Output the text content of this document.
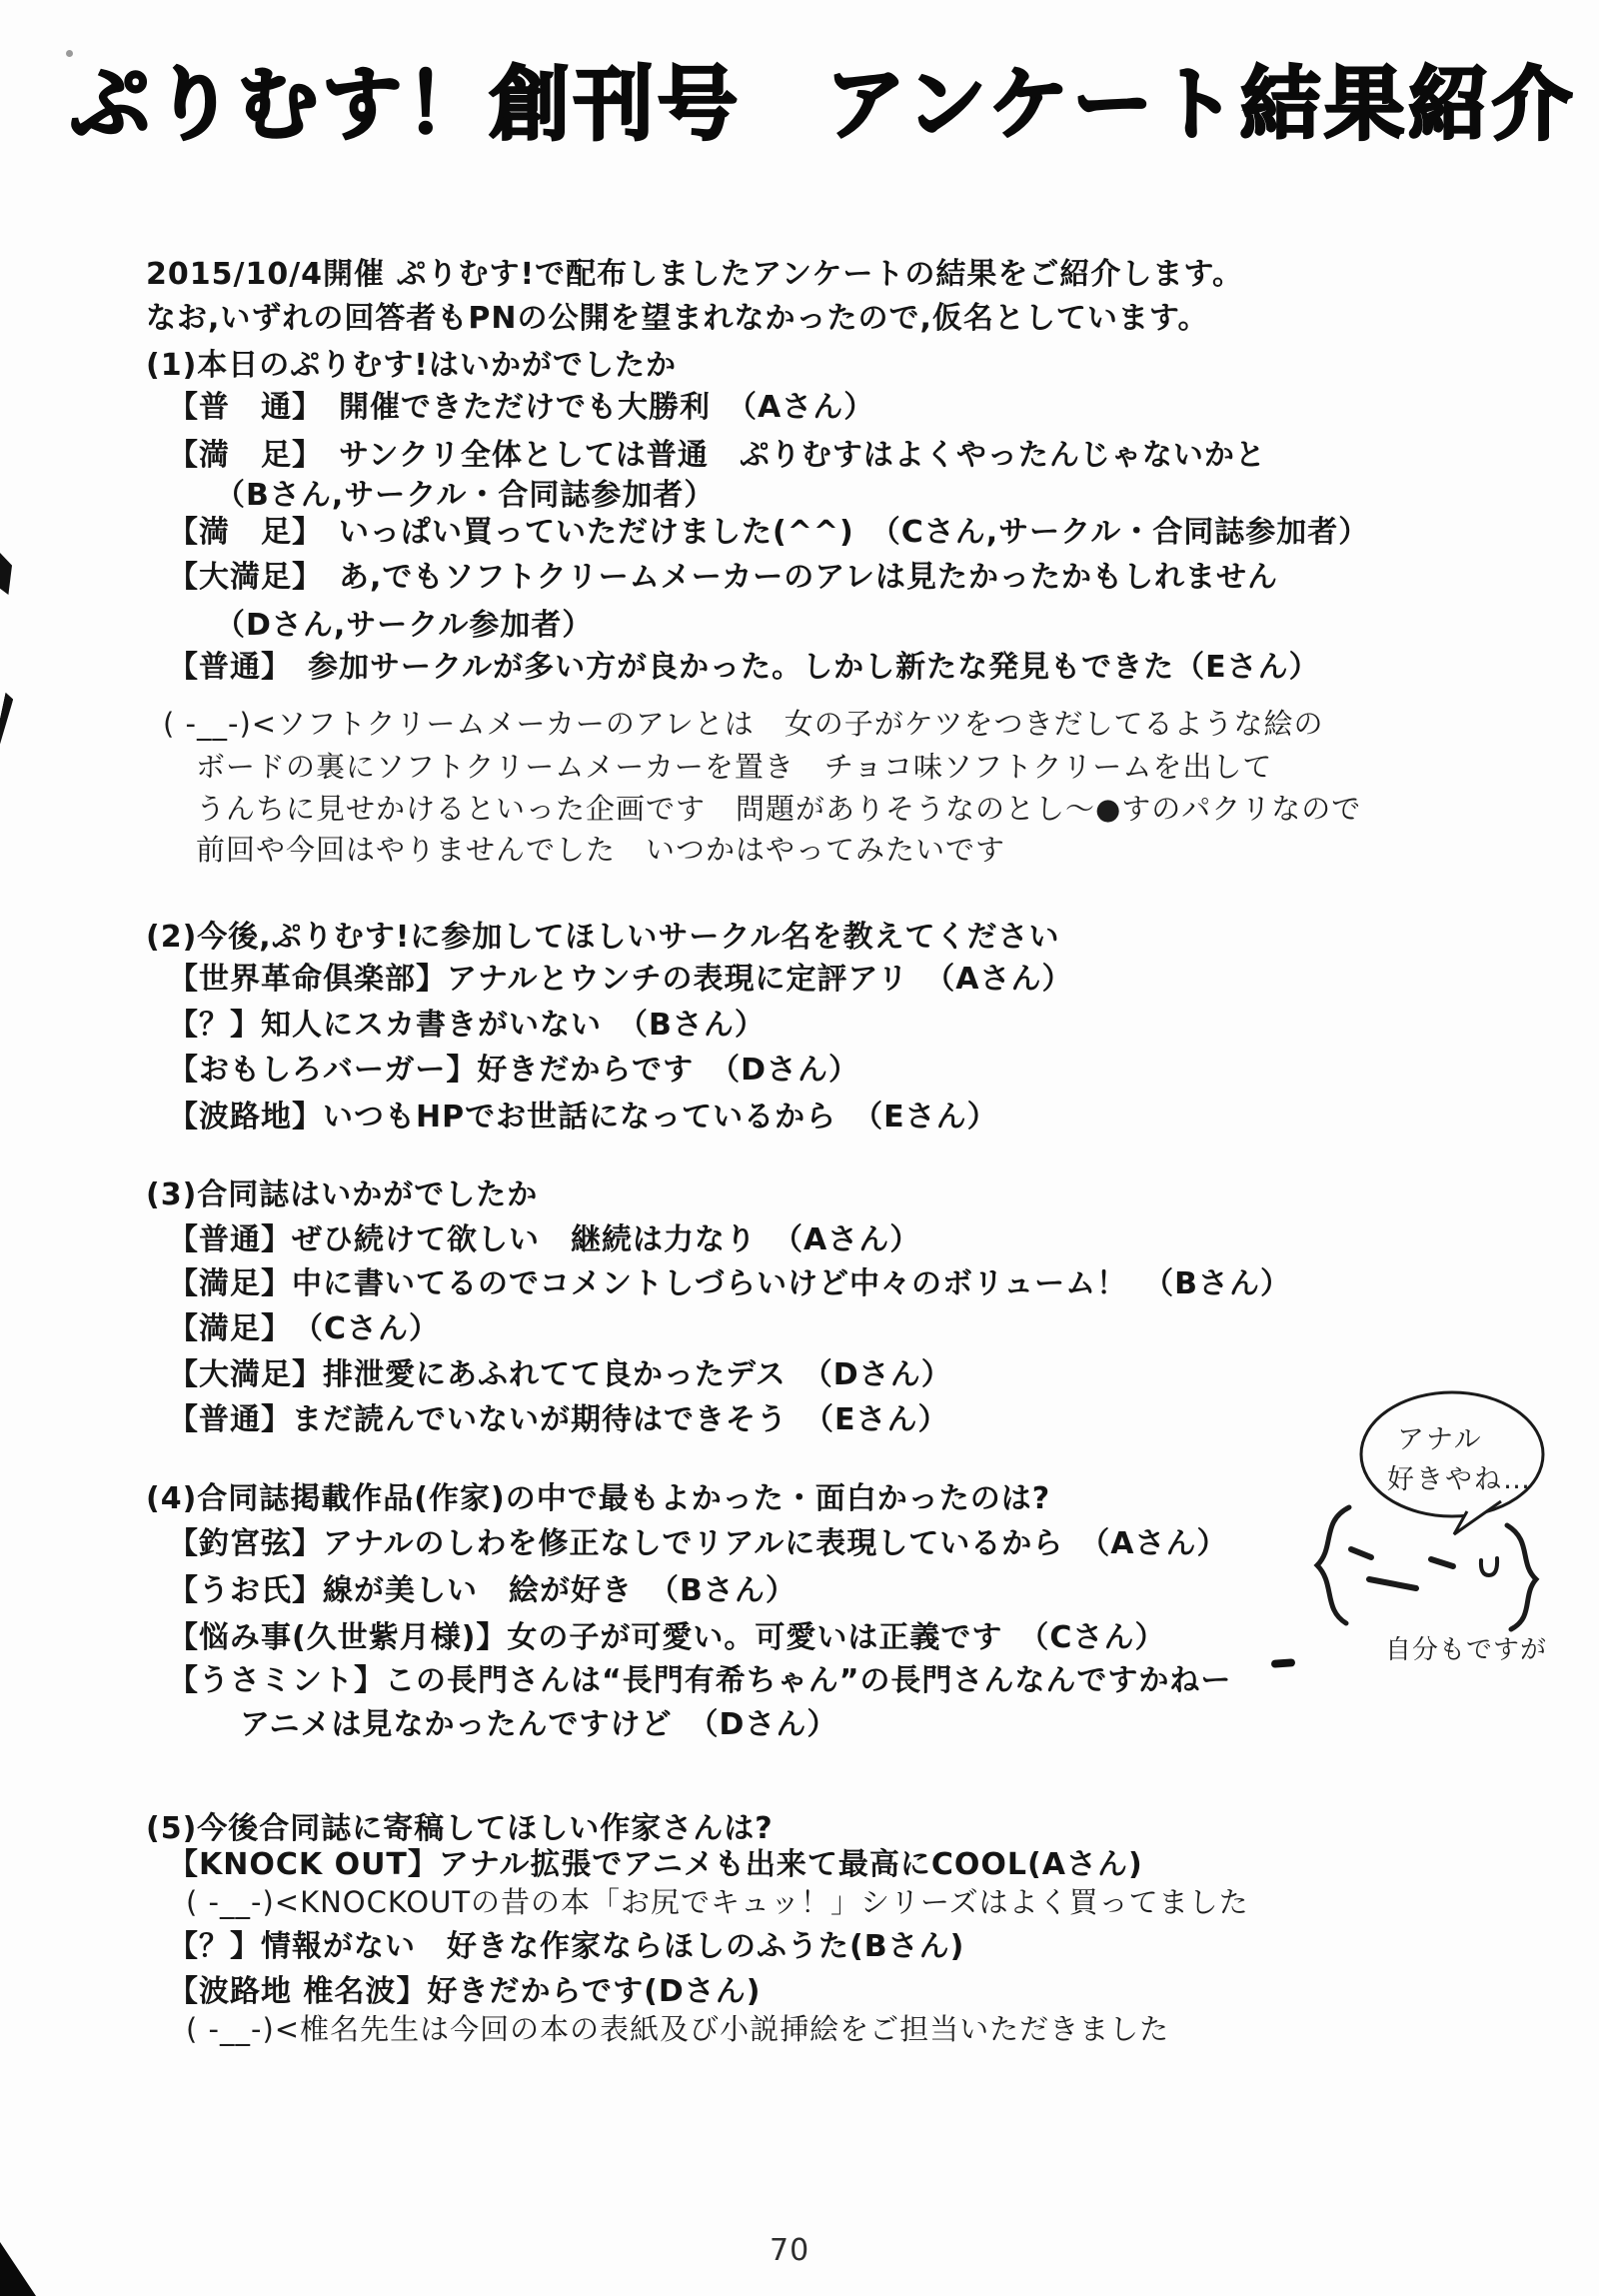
ぷりむす！創刊号　アンケート結果紹介
2015/10/4開催 ぷりむす!で配布しましたアンケートの結果をご紹介します。
なお,いずれの回答者もPNの公開を望まれなかったので,仮名としています。
(1)本日のぷりむす!はいかがでしたか
【普　通】　開催できただけでも大勝利　（Aさん）
【満　足】　サンクリ全体としては普通　ぷりむすはよくやったんじゃないかと
（Bさん,サークル・合同誌参加者）
【満　足】　いっぱい買っていただけました(^^)　（Cさん,サークル・合同誌参加者）
【大満足】　あ,でもソフトクリームメーカーのアレは見たかったかもしれません
（Dさん,サークル参加者）
【普通】　参加サークルが多い方が良かった。しかし新たな発見もできた（Eさん）
( -__-)<ソフトクリームメーカーのアレとは　女の子がケツをつきだしてるような絵の
ボードの裏にソフトクリームメーカーを置き　チョコ味ソフトクリームを出して
うんちに見せかけるといった企画です　問題がありそうなのとし〜●すのパクリなので
前回や今回はやりませんでした　いつかはやってみたいです
(2)今後,ぷりむす!に参加してほしいサークル名を教えてください
【世界革命倶楽部】アナルとウンチの表現に定評アリ　（Aさん）
【？】知人にスカ書きがいない　（Bさん）
【おもしろバーガー】好きだからです　（Dさん）
【波路地】いつもHPでお世話になっているから　（Eさん）
(3)合同誌はいかがでしたか
【普通】ぜひ続けて欲しい　継続は力なり　（Aさん）
【満足】中に書いてるのでコメントしづらいけど中々のボリューム！　（Bさん）
【満足】　（Cさん）
【大満足】排泄愛にあふれてて良かったデス　（Dさん）
【普通】まだ読んでいないが期待はできそう　（Eさん）
(4)合同誌掲載作品(作家)の中で最もよかった・面白かったのは?
【釣宮弦】アナルのしわを修正なしでリアルに表現しているから　（Aさん）
【うお氏】線が美しい　絵が好き　（Bさん）
【悩み事(久世紫月様)】女の子が可愛い。可愛いは正義です　（Cさん）
【うさミント】この長門さんは“長門有希ちゃん”の長門さんなんですかねー
アニメは見なかったんですけど　（Dさん）
(5)今後合同誌に寄稿してほしい作家さんは?
【KNOCK OUT】アナル拡張でアニメも出来て最高にCOOL(Aさん)
( -__-)<KNOCKOUTの昔の本「お尻でキュッ！」シリーズはよく買ってました
【？】情報がない　好きな作家ならほしのふうた(Bさん)
【波路地 椎名波】好きだからです(Dさん)
( -__-)<椎名先生は今回の本の表紙及び小説挿絵をご担当いただきました
アナル
好きやね…
自分もですが
70
